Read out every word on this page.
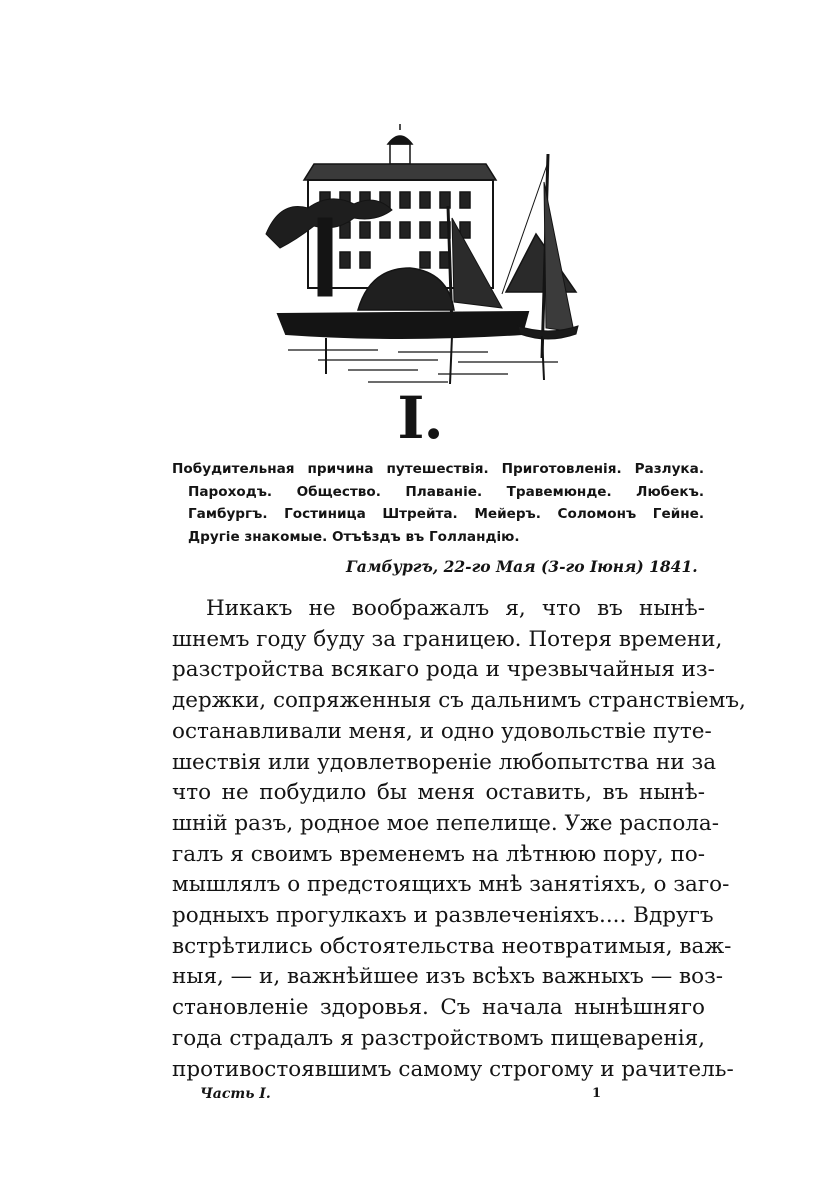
I.
Побудительная причина путешествія. Приготовленія. Разлука.
Пароходъ. Общество. Плаваніе. Травемюнде. Любекъ.
Гамбургъ. Гостиница Штрейта. Мейеръ. Соломонъ Гейне.
Другіе знакомые. Отъѣздъ въ Голландію.
Гамбургъ, 22-го Мая (3-го Іюня) 1841.
Никакъ не воображалъ я, что въ нынѣ-
шнемъ году буду за границею. Потеря времени,
разстройства всякаго рода и чрезвычайныя из-
держки, сопряженныя съ дальнимъ странствіемъ,
останавливали меня, и одно удовольствіе путе-
шествія или удовлетвореніе любопытства ни за
что не побудило бы меня оставить, въ нынѣ-
шній разъ, родное мое пепелище. Уже распола-
галъ я своимъ временемъ на лѣтнюю пору, по-
мышлялъ о предстоящихъ мнѣ занятіяхъ, о заго-
родныхъ прогулкахъ и развлеченіяхъ.... Вдругъ
встрѣтились обстоятельства неотвратимыя, важ-
ныя, — и, важнѣйшее изъ всѣхъ важныхъ — воз-
становленіе здоровья. Съ начала нынѣшняго
года страдалъ я разстройствомъ пищеваренія,
противостоявшимъ самому строгому и рачитель-
Часть I.	1
